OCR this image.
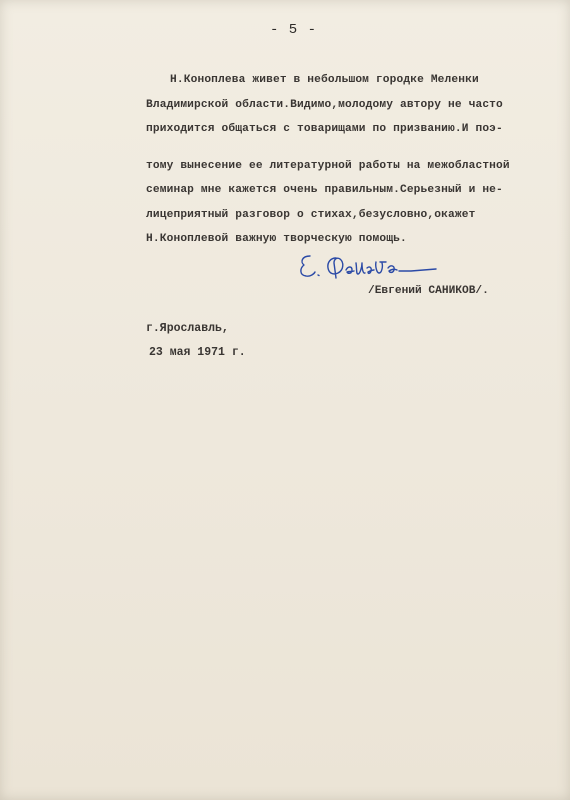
- 5 -
Н.Коноплева живет в небольшом городке Меленки
Владимирской области.Видимо,молодому автору не часто
приходится общаться с товарищами по призванию.И поэ-
тому вынесение ее литературной работы на межобластной
семинар мне кажется очень правильным.Серьезный и не-
лицеприятный разговор о стихах,безусловно,окажет
Н.Коноплевой важную творческую помощь.
/Евгений САНИКОВ/.
г.Ярославль,
23 мая 1971 г.
